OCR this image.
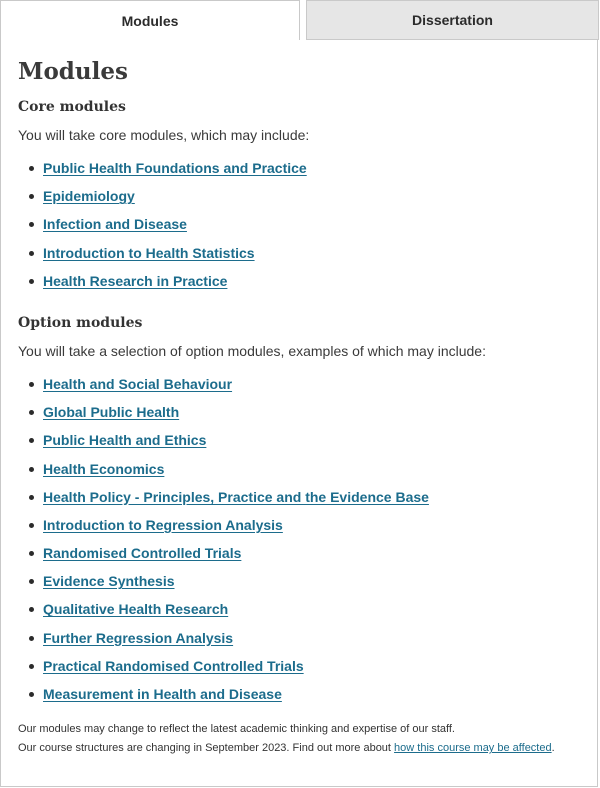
Modules	Dissertation
Modules
Core modules

You will take core modules, which may include:

Public Health Foundations and Practice
Epidemiology
Infection and Disease
Introduction to Health Statistics
Health Research in Practice
Option modules

You will take a selection of option modules, examples of which may include:

Health and Social Behaviour
Global Public Health
Public Health and Ethics
Health Economics
Health Policy - Principles, Practice and the Evidence Base
Introduction to Regression Analysis
Randomised Controlled Trials
Evidence Synthesis
Qualitative Health Research
Further Regression Analysis
Practical Randomised Controlled Trials
Measurement in Health and Disease

Our modules may change to reflect the latest academic thinking and expertise of our staff.

Our course structures are changing in September 2023. Find out more about how this course may be affected.
